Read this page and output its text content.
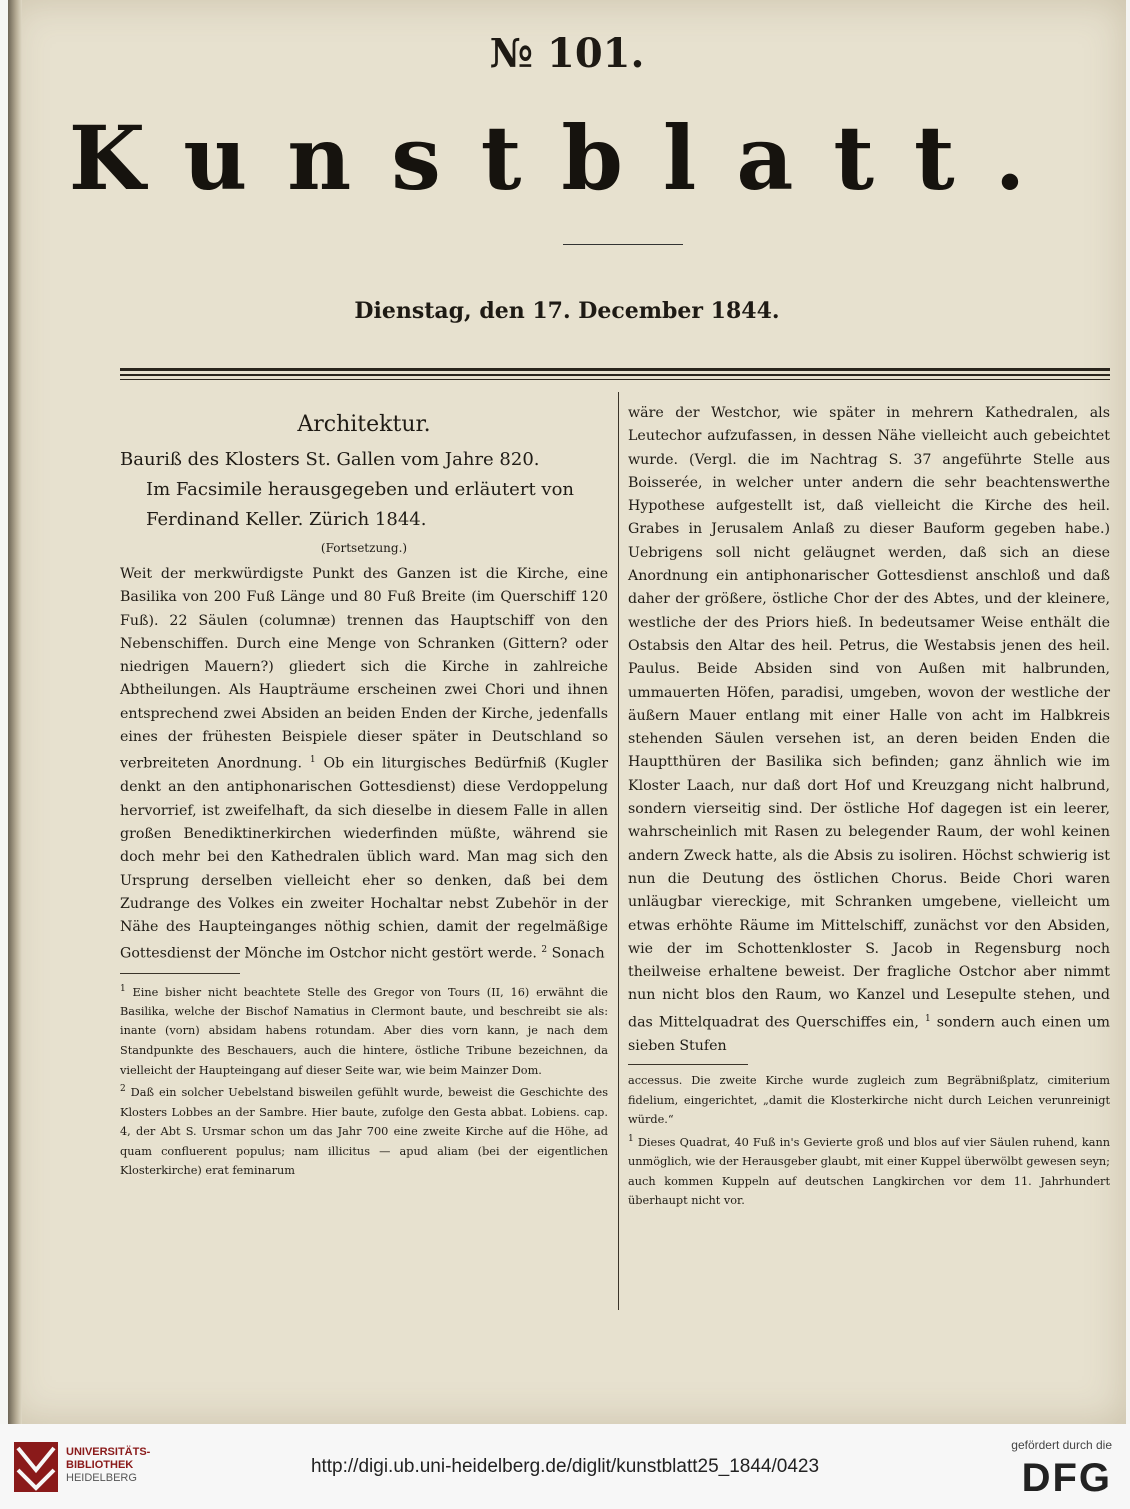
№ 101.
Kunstblatt.
Dienstag, den 17. December 1844.
Architektur.
Bauriß des Klosters St. Gallen vom Jahre 820.
Im Facsimile herausgegeben und erläutert von
Ferdinand Keller. Zürich 1844.
(Fortsetzung.)

Weit der merkwürdigste Punkt des Ganzen ist die Kirche, eine Basilika von 200 Fuß Länge und 80 Fuß Breite (im Querschiff 120 Fuß). 22 Säulen (columnæ) trennen das Hauptschiff von den Nebenschiffen. Durch eine Menge von Schranken (Gittern? oder niedrigen Mauern?) gliedert sich die Kirche in zahlreiche Abtheilungen. Als Haupträume erscheinen zwei Chori und ihnen entsprechend zwei Absiden an beiden Enden der Kirche, jedenfalls eines der frühesten Beispiele dieser später in Deutschland so verbreiteten Anordnung. $^1$ Ob ein liturgisches Bedürfniß (Kugler denkt an den antiphonarischen Gottesdienst) diese Verdoppelung hervorrief, ist zweifelhaft, da sich dieselbe in diesem Falle in allen großen Benediktinerkirchen wiederfinden müßte, während sie doch mehr bei den Kathedralen üblich ward. Man mag sich den Ursprung derselben vielleicht eher so denken, daß bei dem Zudrange des Volkes ein zweiter Hochaltar nebst Zubehör in der Nähe des Haupteinganges nöthig schien, damit der regelmäßige Gottesdienst der Mönche im Ostchor nicht gestört werde. $^2$ Sonach

$^1$ Eine bisher nicht beachtete Stelle des Gregor von Tours (II, 16) erwähnt die Basilika, welche der Bischof Namatius in Clermont baute, und beschreibt sie als: inante (vorn) absidam habens rotundam. Aber dies vorn kann, je nach dem Standpunkte des Beschauers, auch die hintere, östliche Tribune bezeichnen, da vielleicht der Haupteingang auf dieser Seite war, wie beim Mainzer Dom.

$^2$ Daß ein solcher Uebelstand bisweilen gefühlt wurde, beweist die Geschichte des Klosters Lobbes an der Sambre. Hier baute, zufolge den Gesta abbat. Lobiens. cap. 4, der Abt S. Ursmar schon um das Jahr 700 eine zweite Kirche auf die Höhe, ad quam confluerent populus; nam illicitus — apud aliam (bei der eigentlichen Klosterkirche) erat feminarum

wäre der Westchor, wie später in mehrern Kathedralen, als Leutechor aufzufassen, in dessen Nähe vielleicht auch gebeichtet wurde. (Vergl. die im Nachtrag S. 37 angeführte Stelle aus Boisserée, in welcher unter andern die sehr beachtenswerthe Hypothese aufgestellt ist, daß vielleicht die Kirche des heil. Grabes in Jerusalem Anlaß zu dieser Bauform gegeben habe.) Uebrigens soll nicht geläugnet werden, daß sich an diese Anordnung ein antiphonarischer Gottesdienst anschloß und daß daher der größere, östliche Chor der des Abtes, und der kleinere, westliche der des Priors hieß. In bedeutsamer Weise enthält die Ostabsis den Altar des heil. Petrus, die Westabsis jenen des heil. Paulus. Beide Absiden sind von Außen mit halbrunden, ummauerten Höfen, paradisi, umgeben, wovon der westliche der äußern Mauer entlang mit einer Halle von acht im Halbkreis stehenden Säulen versehen ist, an deren beiden Enden die Hauptthüren der Basilika sich befinden; ganz ähnlich wie im Kloster Laach, nur daß dort Hof und Kreuzgang nicht halbrund, sondern vierseitig sind. Der östliche Hof dagegen ist ein leerer, wahrscheinlich mit Rasen zu belegender Raum, der wohl keinen andern Zweck hatte, als die Absis zu isoliren. Höchst schwierig ist nun die Deutung des östlichen Chorus. Beide Chori waren unläugbar viereckige, mit Schranken umgebene, vielleicht um etwas erhöhte Räume im Mittelschiff, zunächst vor den Absiden, wie der im Schottenkloster S. Jacob in Regensburg noch theilweise erhaltene beweist. Der fragliche Ostchor aber nimmt nun nicht blos den Raum, wo Kanzel und Lesepulte stehen, und das Mittelquadrat des Querschiffes ein, $^1$ sondern auch einen um sieben Stufen

accessus. Die zweite Kirche wurde zugleich zum Begräbnißplatz, cimiterium fidelium, eingerichtet, „damit die Klosterkirche nicht durch Leichen verunreinigt würde.“

$^1$ Dieses Quadrat, 40 Fuß in's Gevierte groß und blos auf vier Säulen ruhend, kann unmöglich, wie der Herausgeber glaubt, mit einer Kuppel überwölbt gewesen seyn; auch kommen Kuppeln auf deutschen Langkirchen vor dem 11. Jahrhundert überhaupt nicht vor.

UNIVERSITÄTS-
BIBLIOTHEK
HEIDELBERG
http://digi.ub.uni-heidelberg.de/diglit/kunstblatt25_1844/0423
gefördert durch die
DFG
